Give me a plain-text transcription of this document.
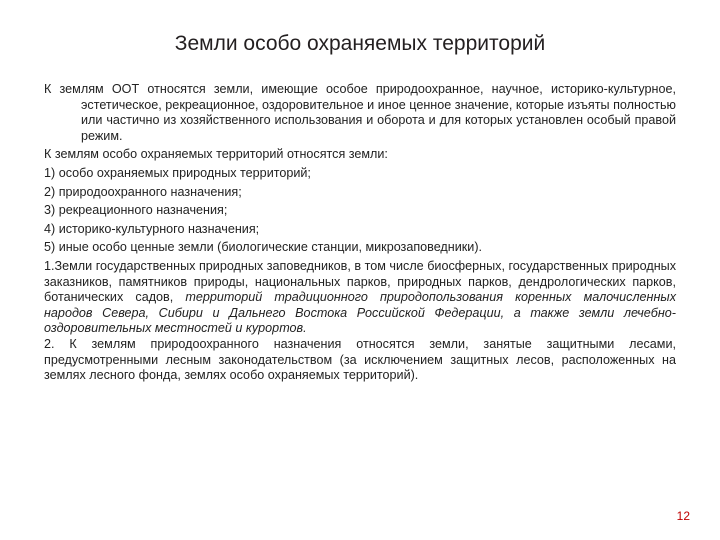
Земли особо охраняемых территорий

К землям ООТ относятся земли, имеющие особое природоохранное, научное, историко-культурное, эстетическое, рекреационное, оздоровительное и иное ценное значение, которые изъяты полностью или частично из хозяйственного использования и оборота и для которых установлен особый правой режим.

К землям особо охраняемых территорий относятся земли:

1) особо охраняемых природных территорий;

2) природоохранного назначения;

3) рекреационного назначения;

4) историко-культурного назначения;

5) иные особо ценные земли (биологические станции, микрозаповедники).

1.Земли государственных природных заповедников, в том числе биосферных, государственных природных заказников, памятников природы, национальных парков, природных парков, дендрологических парков, ботанических садов, территорий традиционного природопользования коренных малочисленных народов Севера, Сибири и Дальнего Востока Российской Федерации, а также земли лечебно-оздоровительных местностей и курортов.

2. К землям природоохранного назначения относятся земли, занятые защитными лесами, предусмотренными лесным законодательством (за исключением защитных лесов, расположенных на землях лесного фонда, землях особо охраняемых территорий).

12
